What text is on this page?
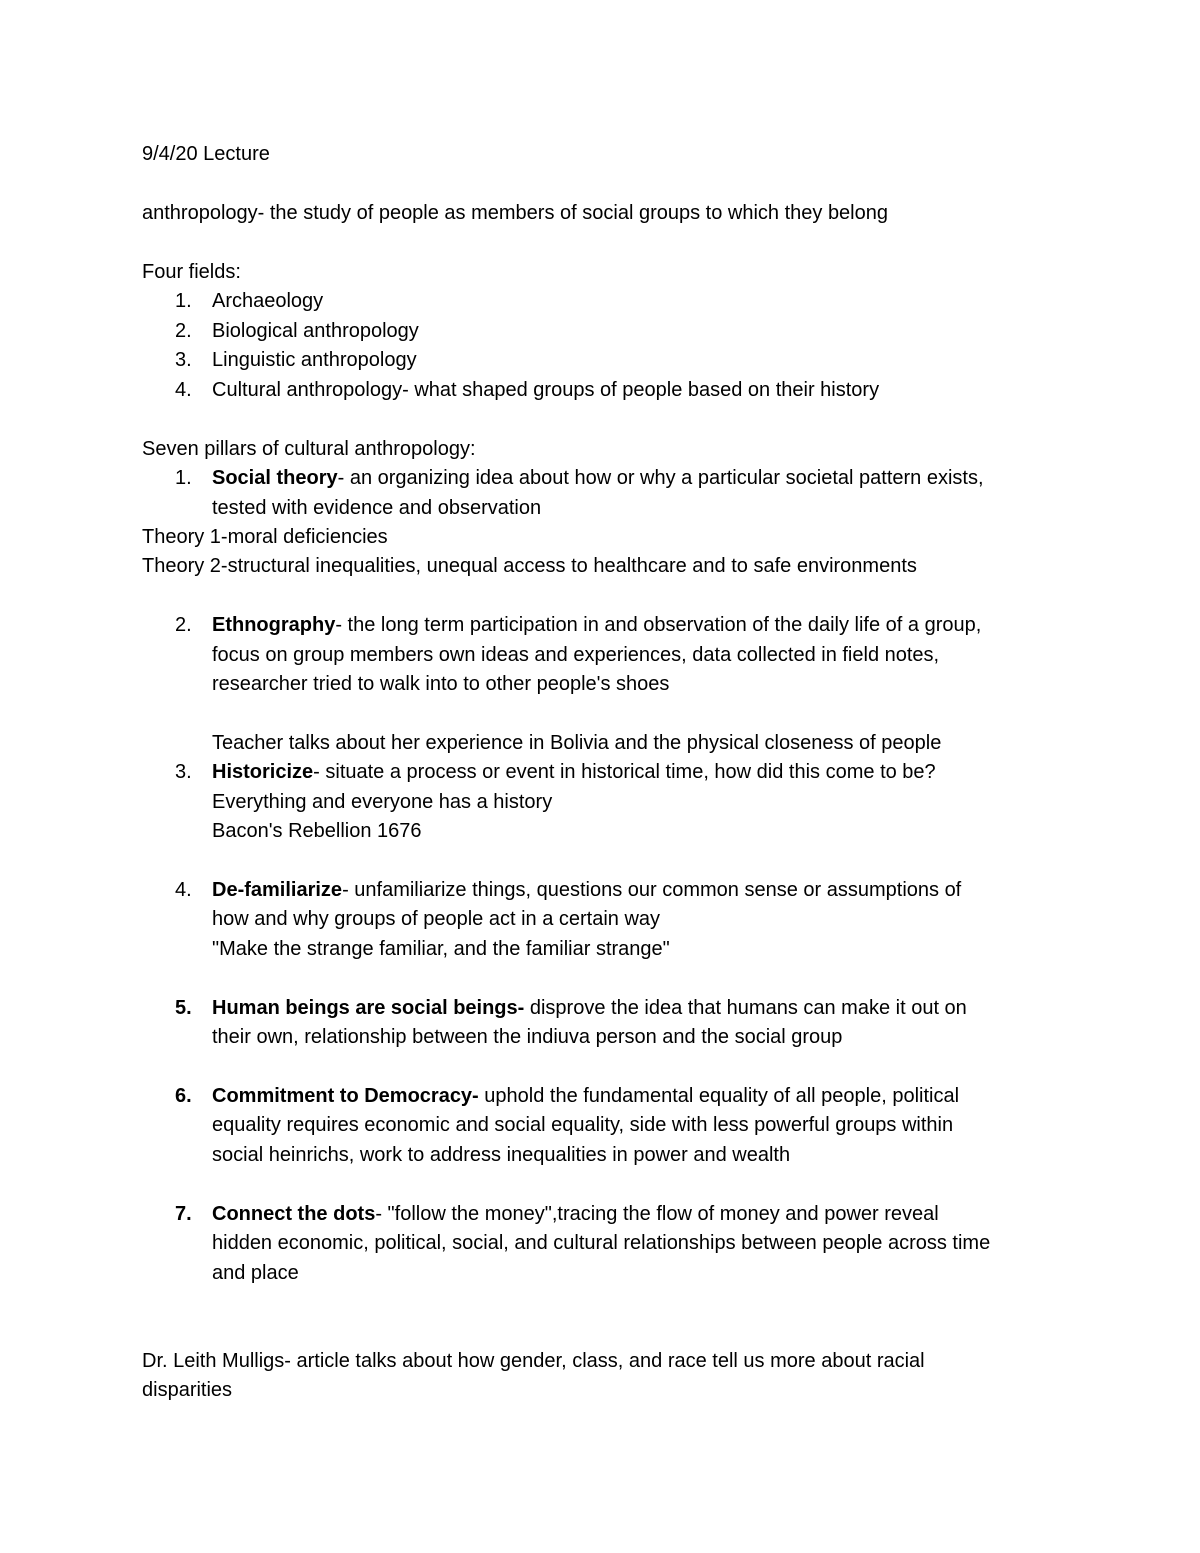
9/4/20 Lecture
anthropology- the study of people as members of social groups to which they belong
Four fields:
1. Archaeology
2. Biological anthropology
3. Linguistic anthropology
4. Cultural anthropology- what shaped groups of people based on their history
Seven pillars of cultural anthropology:
1. Social theory- an organizing idea about how or why a particular societal pattern exists,
tested with evidence and observation
Theory 1-moral deficiencies
Theory 2-structural inequalities, unequal access to healthcare and to safe environments
2. Ethnography- the long term participation in and observation of the daily life of a group,
focus on group members own ideas and experiences, data collected in field notes,
researcher tried to walk into to other people's shoes
Teacher talks about her experience in Bolivia and the physical closeness of people
3. Historicize- situate a process or event in historical time, how did this come to be?
Everything and everyone has a history
Bacon's Rebellion 1676
4. De-familiarize- unfamiliarize things, questions our common sense or assumptions of
how and why groups of people act in a certain way
"Make the strange familiar, and the familiar strange"
5. Human beings are social beings- disprove the idea that humans can make it out on
their own, relationship between the indiuva person and the social group
6. Commitment to Democracy- uphold the fundamental equality of all people, political
equality requires economic and social equality, side with less powerful groups within
social heinrichs, work to address inequalities in power and wealth
7. Connect the dots- "follow the money",tracing the flow of money and power reveal
hidden economic, political, social, and cultural relationships between people across time
and place
Dr. Leith Mulligs- article talks about how gender, class, and race tell us more about racial
disparities
